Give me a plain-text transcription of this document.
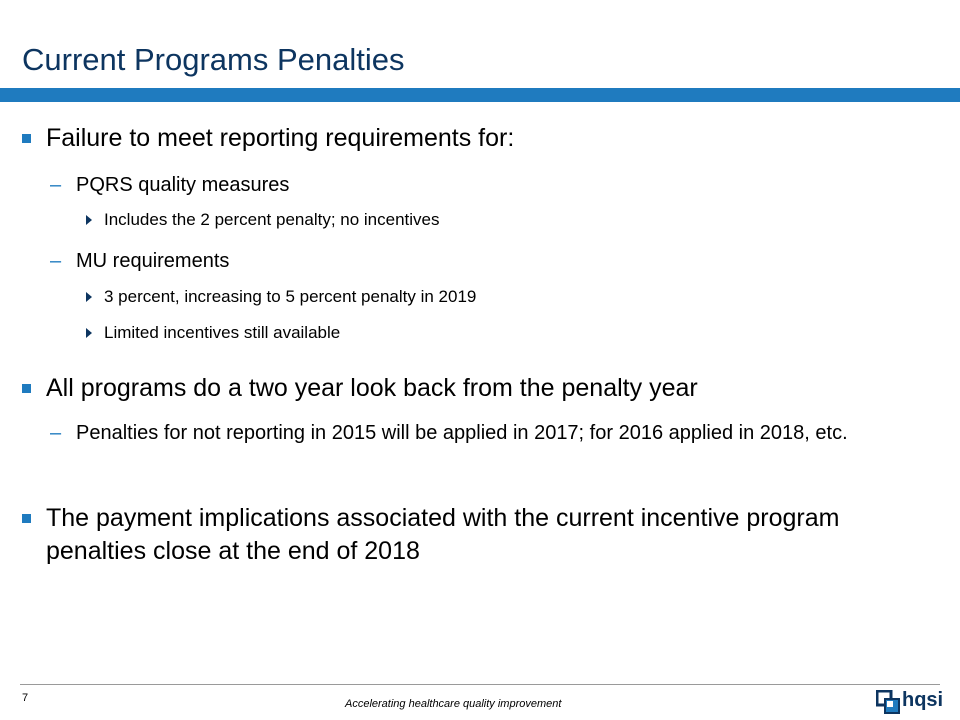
Current Programs Penalties
Failure to meet reporting requirements for:
– PQRS quality measures
Includes the 2 percent penalty; no incentives
– MU requirements
3 percent, increasing to 5 percent penalty in 2019
Limited incentives still available
All programs do a two year look back from the penalty year
– Penalties for not reporting in 2015 will be applied in 2017; for 2016 applied in 2018, etc.
The payment implications associated with the current incentive program penalties close at the end of 2018
7	Accelerating healthcare quality improvement	hqsi
